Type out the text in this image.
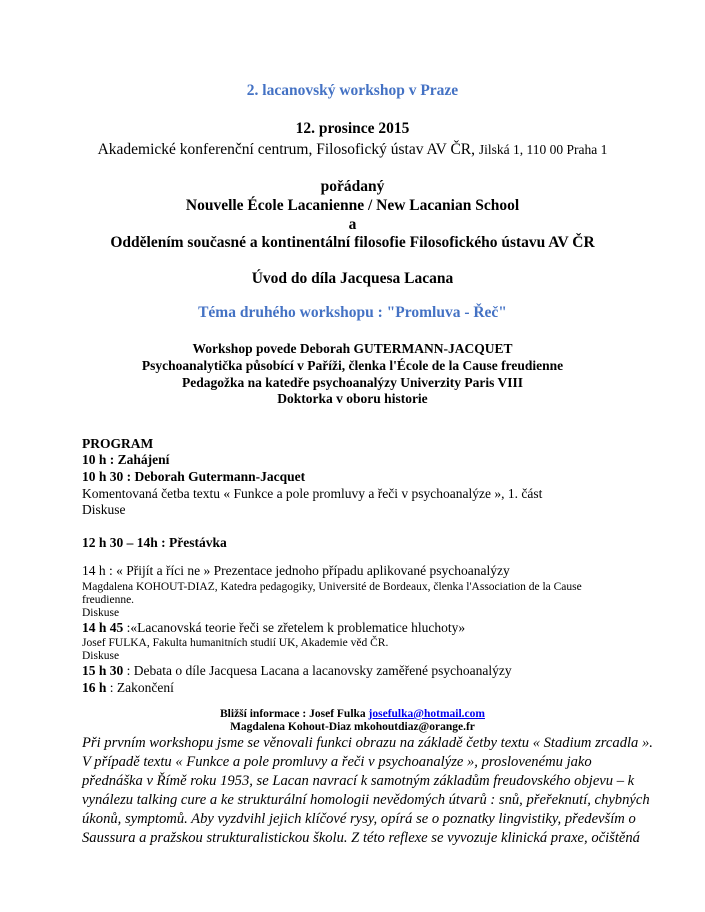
2. lacanovský workshop v Praze
12. prosince 2015
Akademické konferenční centrum, Filosofický ústav AV ČR, Jilská 1, 110 00 Praha 1
pořádaný
Nouvelle École Lacanienne / New Lacanian School
a
Oddělením současné a kontinentální filosofie Filosofického ústavu AV ČR
Úvod do díla Jacquesa Lacana
Téma druhého workshopu : "Promluva - Řeč"
Workshop povede Deborah GUTERMANN-JACQUET
Psychoanalytička působící v Paříži, členka l'École de la Cause freudienne
Pedagožka na katedře psychoanalýzy Univerzity Paris VIII
Doktorka v oboru historie
PROGRAM
10 h : Zahájení
10 h 30 : Deborah Gutermann-Jacquet
Komentovaná četba textu « Funkce a pole promluvy a řeči v psychoanalýze », 1. část
Diskuse
12 h 30 – 14h : Přestávka
14 h : « Přijít a říci ne » Prezentace jednoho případu aplikované psychoanalýzy
Magdalena KOHOUT-DIAZ, Katedra pedagogiky, Université de Bordeaux, členka l'Association de la Cause
freudienne.
Diskuse
14 h 45 :«Lacanovská teorie řeči se zřetelem k problematice hluchoty»
Josef FULKA, Fakulta humanitních studií UK, Akademie věd ČR.
Diskuse
15 h 30 : Debata o díle Jacquesa Lacana a lacanovsky zaměřené psychoanalýzy
16 h : Zakončení
Bližší informace : Josef Fulka josefulka@hotmail.com
Magdalena Kohout-Diaz mkohoutdiaz@orange.fr
Při prvním workshopu jsme se věnovali funkci obrazu na základě četby textu « Stadium zrcadla ».
V případě textu « Funkce a pole promluvy a řeči v psychoanalýze », proslovenému jako
přednáška v Římě roku 1953, se Lacan navrací k samotným základům freudovského objevu – k
vynálezu talking cure a ke strukturální homologii nevědomých útvarů : snů, přeřeknutí, chybných
úkonů, symptomů. Aby vyzdvihl jejich klíčové rysy, opírá se o poznatky lingvistiky, především o
Saussura a pražskou strukturalistickou školu. Z této reflexe se vyvozuje klinická praxe, očištěná
